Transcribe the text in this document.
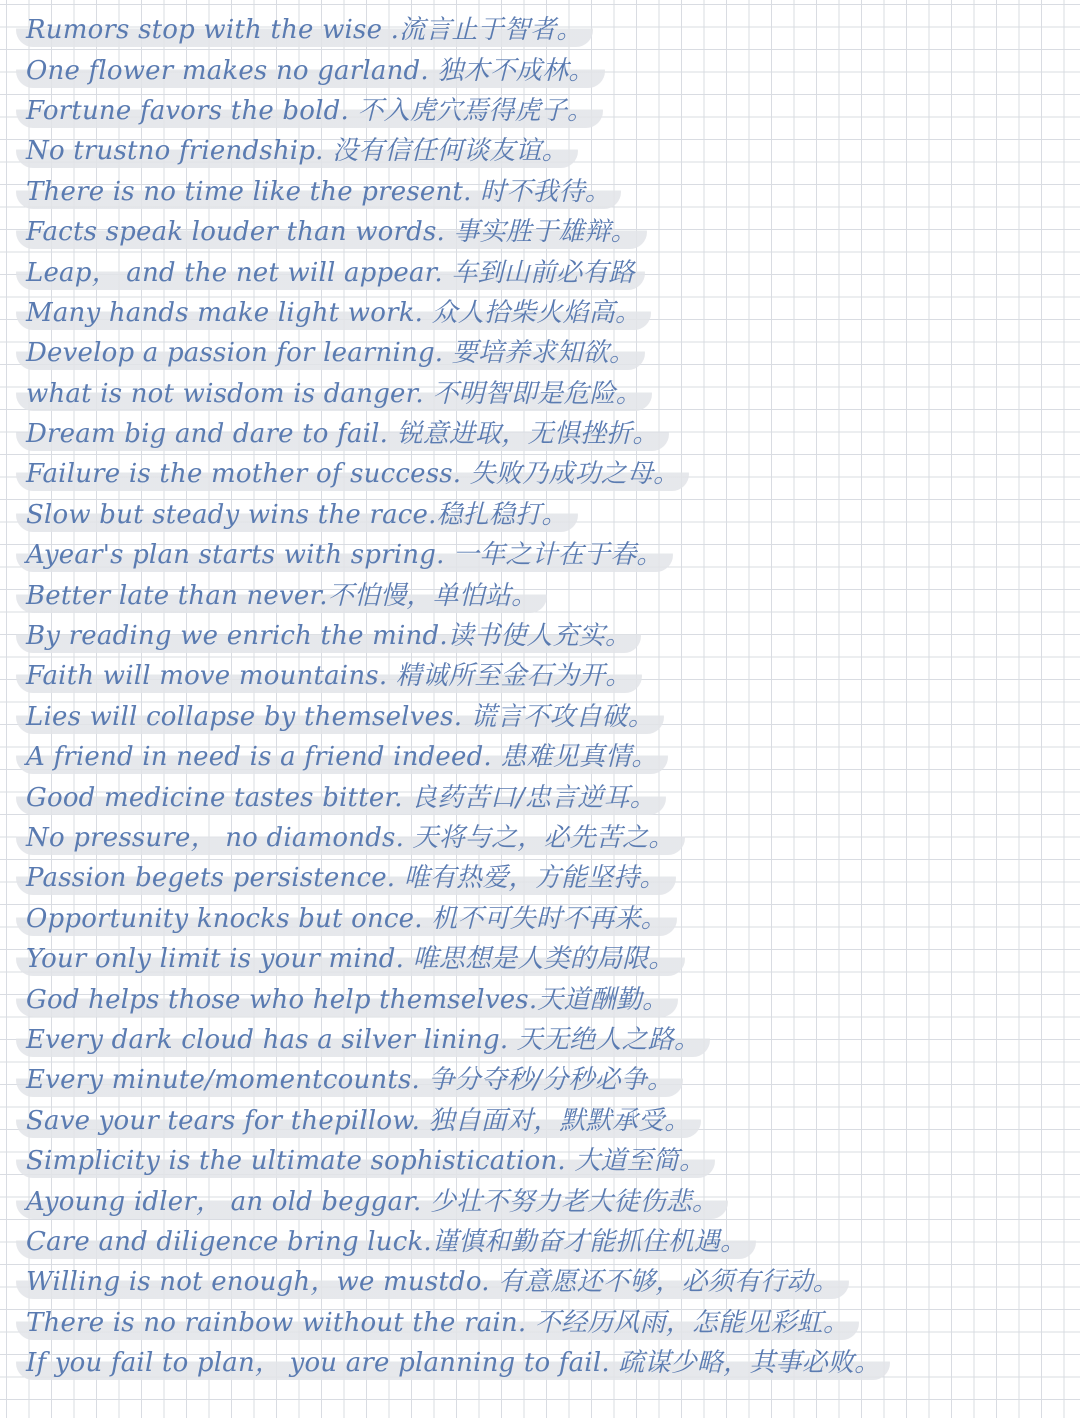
Rumors stop with the wise .流言止于智者。
One flower makes no garland. 独木不成林。
Fortune favors the bold. 不入虎穴焉得虎子。
No trustno friendship. 没有信任何谈友谊。
There is no time like the present. 时不我待。
Facts speak louder than words. 事实胜于雄辩。
Leap， and the net will appear. 车到山前必有路
Many hands make light work. 众人拾柴火焰高。
Develop a passion for learning. 要培养求知欲。
what is not wisdom is danger. 不明智即是危险。
Dream big and dare to fail. 锐意进取，无惧挫折。
Failure is the mother of success. 失败乃成功之母。
Slow but steady wins the race.稳扎稳打。
Ayear's plan starts with spring. 一年之计在于春。
Better late than never.不怕慢，单怕站。
By reading we enrich the mind.读书使人充实。
Faith will move mountains. 精诚所至金石为开。
Lies will collapse by themselves. 谎言不攻自破。
A friend in need is a friend indeed. 患难见真情。
Good medicine tastes bitter. 良药苦口/忠言逆耳。
No pressure， no diamonds. 天将与之，必先苦之。
Passion begets persistence. 唯有热爱，方能坚持。
Opportunity knocks but once. 机不可失时不再来。
Your only limit is your mind. 唯思想是人类的局限。
God helps those who help themselves.天道酬勤。
Every dark cloud has a silver lining. 天无绝人之路。
Every minute/momentcounts. 争分夺秒/分秒必争。
Save your tears for thepillow. 独自面对，默默承受。
Simplicity is the ultimate sophistication. 大道至简。
Ayoung idler， an old beggar. 少壮不努力老大徒伤悲。
Care and diligence bring luck.谨慎和勤奋才能抓住机遇。
Willing is not enough，we mustdo. 有意愿还不够，必须有行动。
There is no rainbow without the rain. 不经历风雨，怎能见彩虹。
If you fail to plan， you are planning to fail. 疏谋少略，其事必败。
